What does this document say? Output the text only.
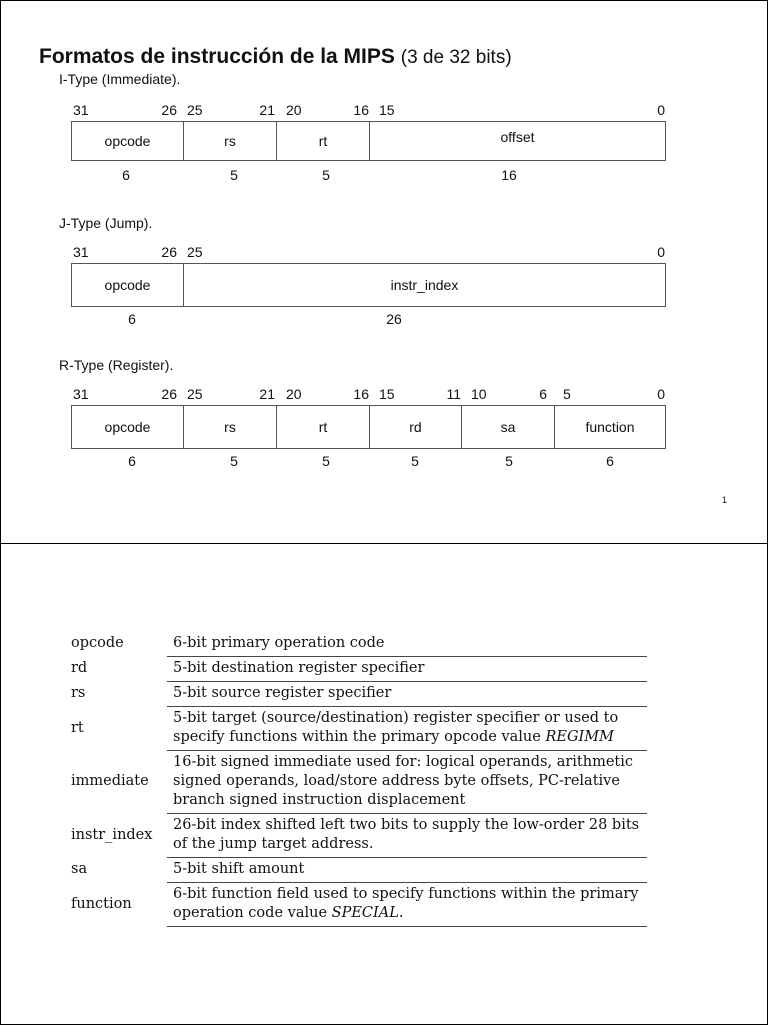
Formatos de instrucción de la MIPS (3 de 32 bits)
I-Type (Immediate).
31	26 25	21 20	16 15	0
opcode	rs	rt	offset
6	5	5	16
J-Type (Jump).
31	26 25	0
opcode	instr_index
6	26
R-Type (Register).
31	26 25	21 20	16 15	11 10	6 5	0
opcode	rs	rt	rd	sa	function
6	5	5	5	5	6
1
opcode	6-bit primary operation code
rd	5-bit destination register specifier
rs	5-bit source register specifier
rt	5-bit target (source/destination) register specifier or used to specify functions within the primary opcode value REGIMM
immediate	16-bit signed immediate used for: logical operands, arithmetic signed operands, load/store address byte offsets, PC-relative branch signed instruction displacement
instr_index	26-bit index shifted left two bits to supply the low-order 28 bits of the jump target address.
sa	5-bit shift amount
function	6-bit function field used to specify functions within the primary operation code value SPECIAL.
